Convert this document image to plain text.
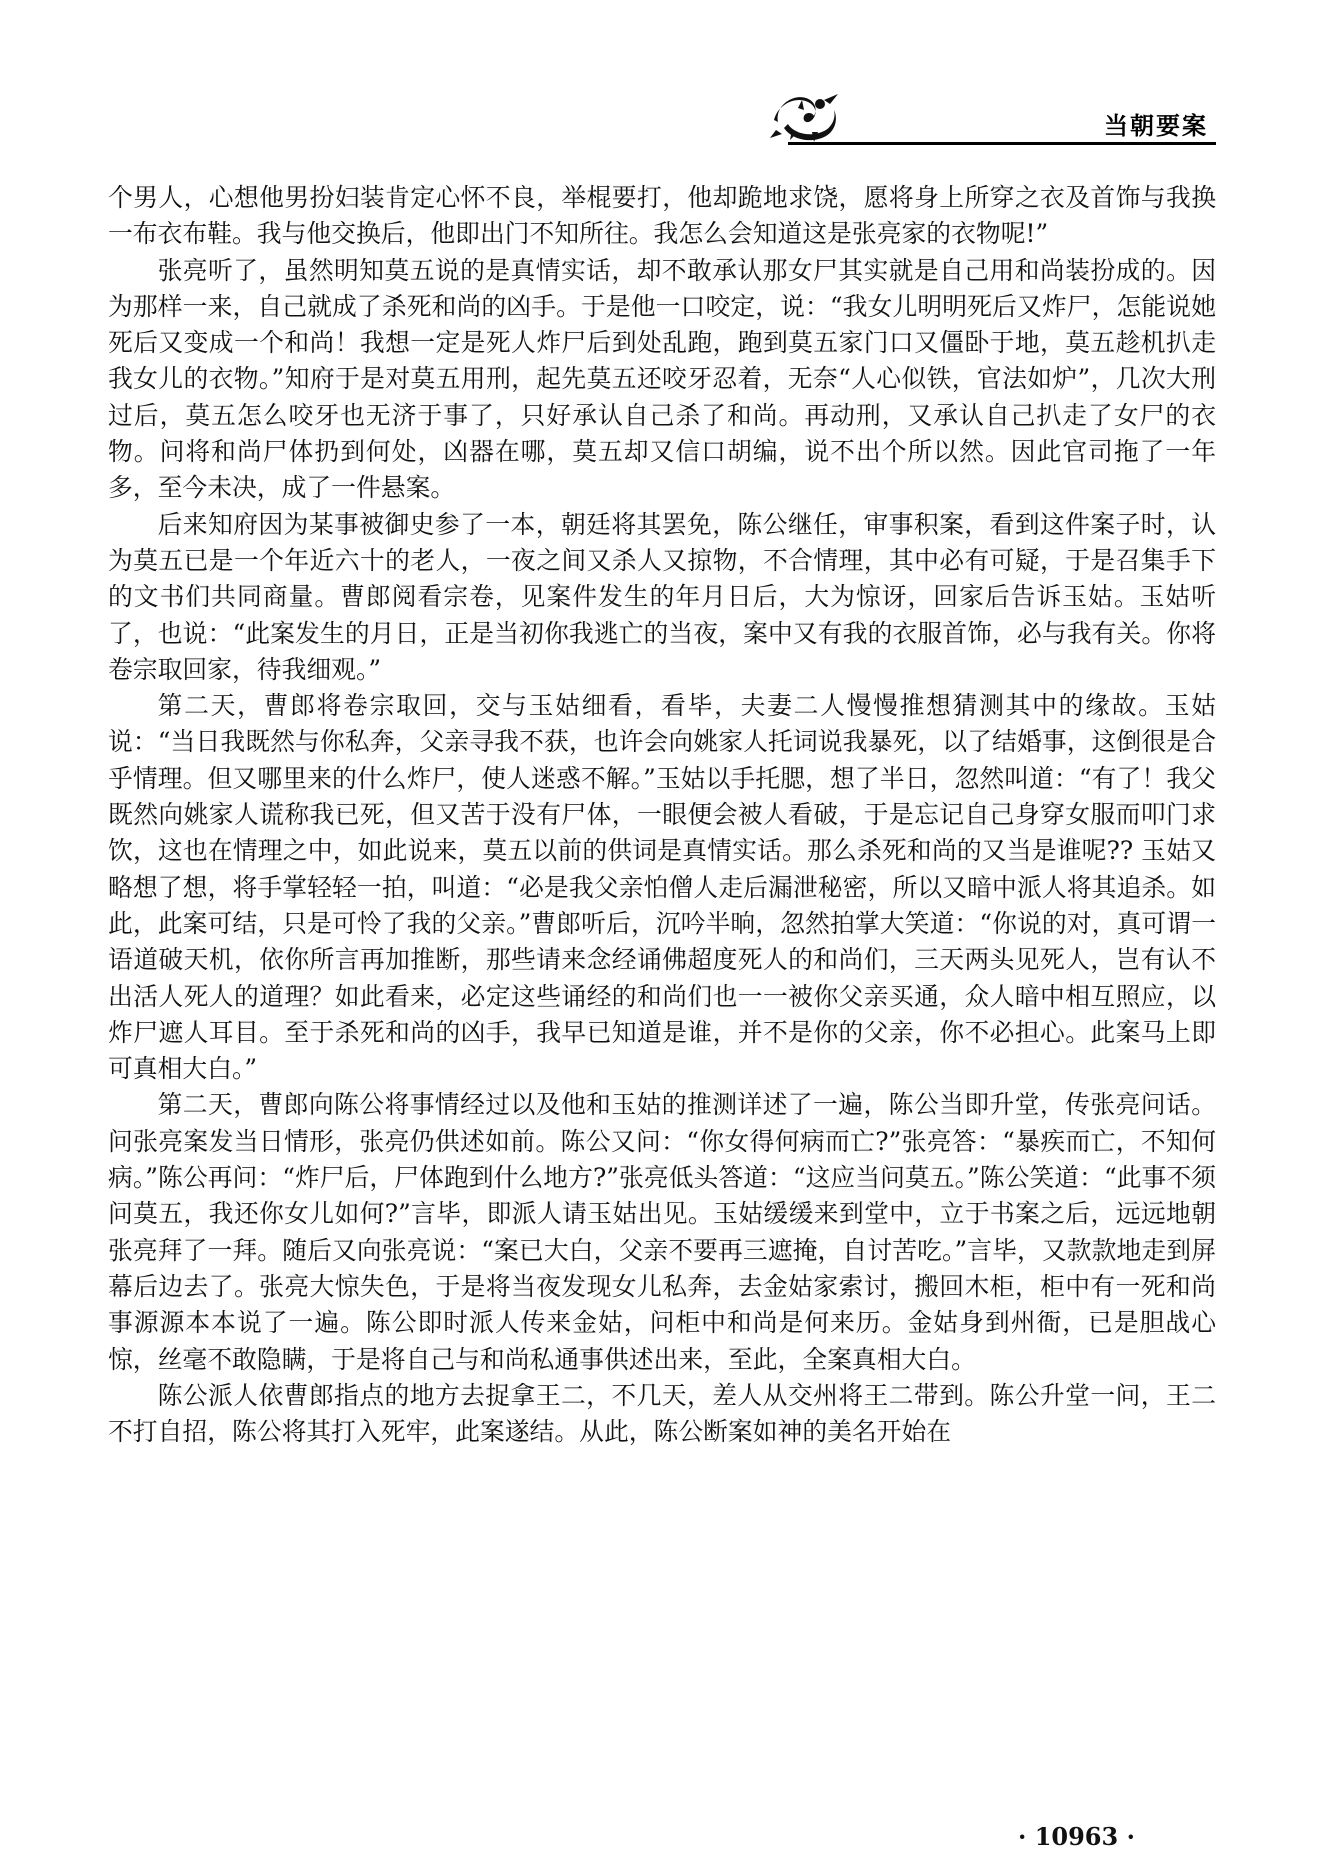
当朝要案

个男人，心想他男扮妇装肯定心怀不良，举棍要打，他却跪地求饶，愿将身上所穿之衣及首饰与我换一布衣布鞋。我与他交换后，他即出门不知所往。我怎么会知道这是张亮家的衣物呢!”

张亮听了，虽然明知莫五说的是真情实话，却不敢承认那女尸其实就是自己用和尚装扮成的。因为那样一来，自己就成了杀死和尚的凶手。于是他一口咬定，说：“我女儿明明死后又炸尸，怎能说她死后又变成一个和尚！我想一定是死人炸尸后到处乱跑，跑到莫五家门口又僵卧于地，莫五趁机扒走我女儿的衣物。”知府于是对莫五用刑，起先莫五还咬牙忍着，无奈“人心似铁，官法如炉”，几次大刑过后，莫五怎么咬牙也无济于事了，只好承认自己杀了和尚。再动刑，又承认自己扒走了女尸的衣物。问将和尚尸体扔到何处，凶器在哪，莫五却又信口胡编，说不出个所以然。因此官司拖了一年多，至今未决，成了一件悬案。

后来知府因为某事被御史参了一本，朝廷将其罢免，陈公继任，审事积案，看到这件案子时，认为莫五已是一个年近六十的老人，一夜之间又杀人又掠物，不合情理，其中必有可疑，于是召集手下的文书们共同商量。曹郎阅看宗卷，见案件发生的年月日后，大为惊讶，回家后告诉玉姑。玉姑听了，也说：“此案发生的月日，正是当初你我逃亡的当夜，案中又有我的衣服首饰，必与我有关。你将卷宗取回家，待我细观。”

第二天，曹郎将卷宗取回，交与玉姑细看，看毕，夫妻二人慢慢推想猜测其中的缘故。玉姑说：“当日我既然与你私奔，父亲寻我不获，也许会向姚家人托词说我暴死，以了结婚事，这倒很是合乎情理。但又哪里来的什么炸尸，使人迷惑不解。”玉姑以手托腮，想了半日，忽然叫道：“有了！我父既然向姚家人谎称我已死，但又苦于没有尸体，一眼便会被人看破，于是忘记自己身穿女服而叩门求饮，这也在情理之中，如此说来，莫五以前的供词是真情实话。那么杀死和尚的又当是谁呢?? 玉姑又略想了想，将手掌轻轻一拍，叫道：“必是我父亲怕僧人走后漏泄秘密，所以又暗中派人将其追杀。如此，此案可结，只是可怜了我的父亲。”曹郎听后，沉吟半晌，忽然拍掌大笑道：“你说的对，真可谓一语道破天机，依你所言再加推断，那些请来念经诵佛超度死人的和尚们，三天两头见死人，岂有认不出活人死人的道理？如此看来，必定这些诵经的和尚们也一一被你父亲买通，众人暗中相互照应，以炸尸遮人耳目。至于杀死和尚的凶手，我早已知道是谁，并不是你的父亲，你不必担心。此案马上即可真相大白。”

第二天，曹郎向陈公将事情经过以及他和玉姑的推测详述了一遍，陈公当即升堂，传张亮问话。问张亮案发当日情形，张亮仍供述如前。陈公又问：“你女得何病而亡?”张亮答：“暴疾而亡，不知何病。”陈公再问：“炸尸后，尸体跑到什么地方?”张亮低头答道：“这应当问莫五。”陈公笑道：“此事不须问莫五，我还你女儿如何?”言毕，即派人请玉姑出见。玉姑缓缓来到堂中，立于书案之后，远远地朝张亮拜了一拜。随后又向张亮说：“案已大白，父亲不要再三遮掩，自讨苦吃。”言毕，又款款地走到屏幕后边去了。张亮大惊失色，于是将当夜发现女儿私奔，去金姑家索讨，搬回木柜，柜中有一死和尚事源源本本说了一遍。陈公即时派人传来金姑，问柜中和尚是何来历。金姑身到州衙，已是胆战心惊，丝毫不敢隐瞒，于是将自己与和尚私通事供述出来，至此，全案真相大白。

陈公派人依曹郎指点的地方去捉拿王二，不几天，差人从交州将王二带到。陈公升堂一问，王二不打自招，陈公将其打入死牢，此案遂结。从此，陈公断案如神的美名开始在

· 10963 ·
